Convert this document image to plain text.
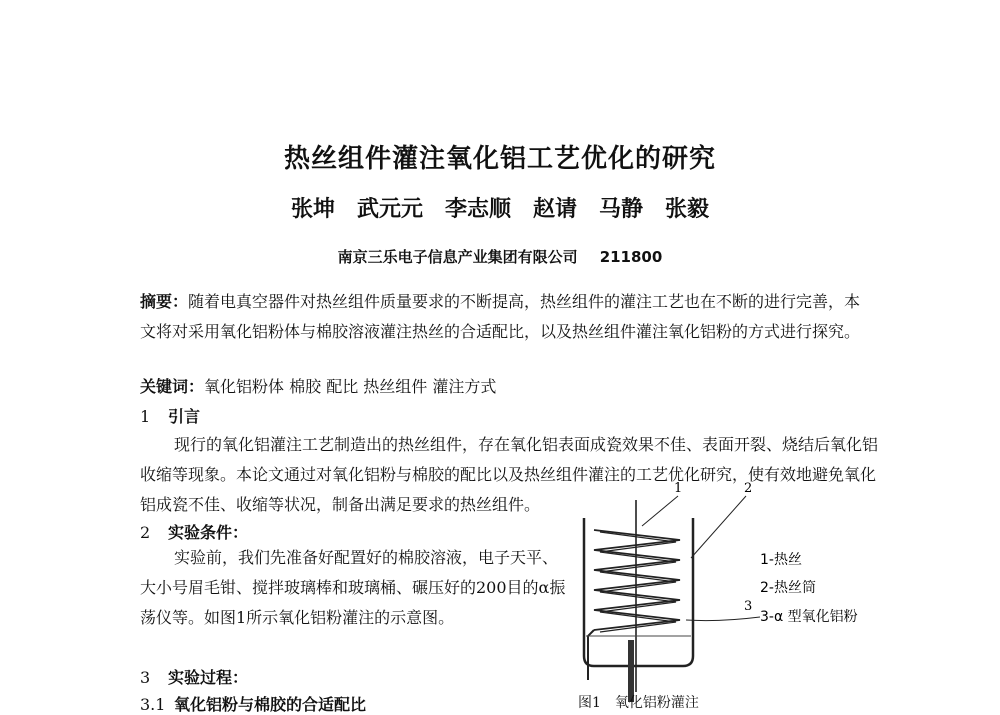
热丝组件灌注氧化铝工艺优化的研究
张坤　武元元　李志顺　赵请　马静　张毅
南京三乐电子信息产业集团有限公司 211800
摘要：随着电真空器件对热丝组件质量要求的不断提高，热丝组件的灌注工艺也在不断的进行完善，本文将对采用氧化铝粉体与棉胶溶液灌注热丝的合适配比，以及热丝组件灌注氧化铝粉的方式进行探究。
关键词：氧化铝粉体 棉胶 配比 热丝组件 灌注方式
1 引言
现行的氧化铝灌注工艺制造出的热丝组件，存在氧化铝表面成瓷效果不佳、表面开裂、烧结后氧化铝收缩等现象。本论文通过对氧化铝粉与棉胶的配比以及热丝组件灌注的工艺优化研究，使有效地避免氧化铝成瓷不佳、收缩等状况，制备出满足要求的热丝组件。
2 实验条件：
实验前，我们先准备好配置好的棉胶溶液，电子天平、大小号眉毛钳、搅拌玻璃棒和玻璃桶、碾压好的200目的α振荡仪等。如图1所示氧化铝粉灌注的示意图。
3 实验过程：
3.1 氧化铝粉与棉胶的合适配比
1	2
3
1-热丝
2-热丝筒
3-α 型氧化铝粉
图1　氧化铝粉灌注
